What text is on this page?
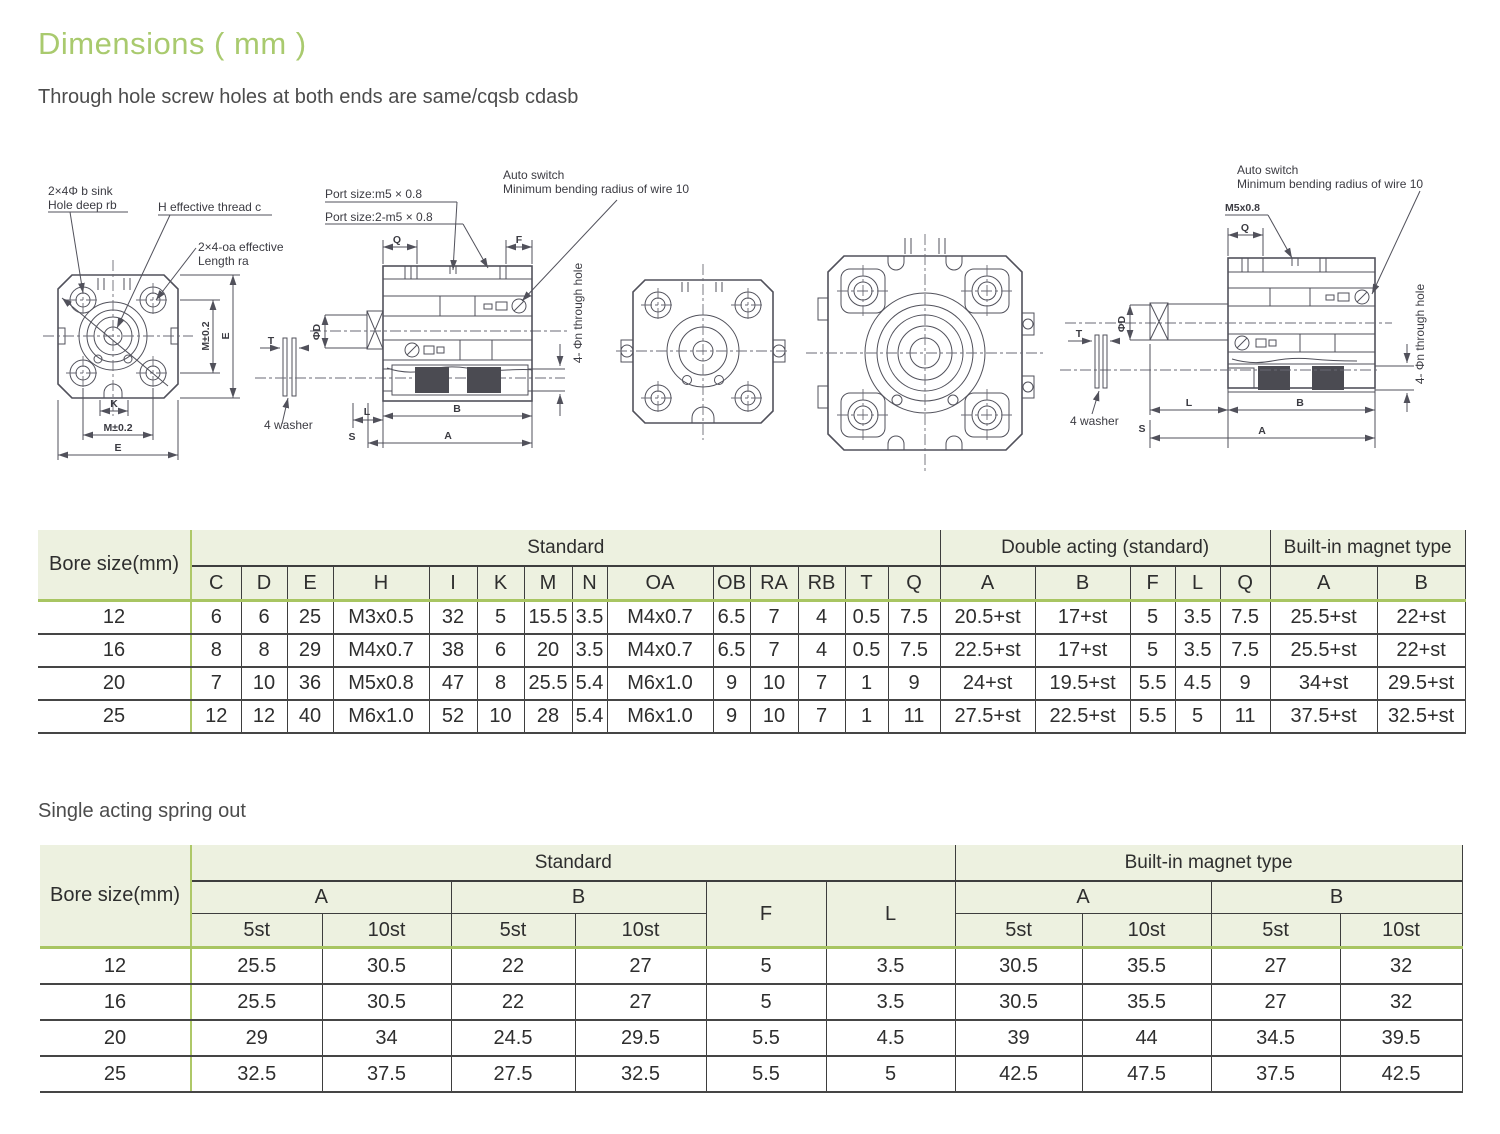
Dimensions ( mm )
Through hole screw holes at both ends are same/cqsb cdasb
2×4Φ b sink
Hole deep rb	H effective thread c
2×4-oa effective
Length ra
K
M±0.2
E
M±0.2 E
Port size:m5 × 0.8
Port size:2-m5 × 0.8
Auto switch
Minimum bending radius of wire 10
4 washer
4- Φn through hole
Q	F
T
ΦD
L
S
B
A
Auto switch
Minimum bending radius of wire 10
M5x0.8
Q
T
ΦD
4 washer
4- Φn through hole
L
S
B
A
Bore size(mm)	Standard														Double acting (standard)					Built-in magnet type	
	C	D	E	H	I	K	M	N	OA	OB	RA	RB	T	Q	A	B	F	L	Q	A	B
12	6	6	25	M3x0.5	32	5	15.5	3.5	M4x0.7	6.5	7	4	0.5	7.5	20.5+st	17+st	5	3.5	7.5	25.5+st	22+st
16	8	8	29	M4x0.7	38	6	20	3.5	M4x0.7	6.5	7	4	0.5	7.5	22.5+st	17+st	5	3.5	7.5	25.5+st	22+st
20	7	10	36	M5x0.8	47	8	25.5	5.4	M6x1.0	9	10	7	1	9	24+st	19.5+st	5.5	4.5	9	34+st	29.5+st
25	12	12	40	M6x1.0	52	10	28	5.4	M6x1.0	9	10	7	1	11	27.5+st	22.5+st	5.5	5	11	37.5+st	32.5+st
Single acting spring out
Bore size(mm)	Standard						Built-in magnet type			
	A		B		F	L	A		B	
	5st	10st	5st	10st			5st	10st	5st	10st
12	25.5	30.5	22	27	5	3.5	30.5	35.5	27	32
16	25.5	30.5	22	27	5	3.5	30.5	35.5	27	32
20	29	34	24.5	29.5	5.5	4.5	39	44	34.5	39.5
25	32.5	37.5	27.5	32.5	5.5	5	42.5	47.5	37.5	42.5
